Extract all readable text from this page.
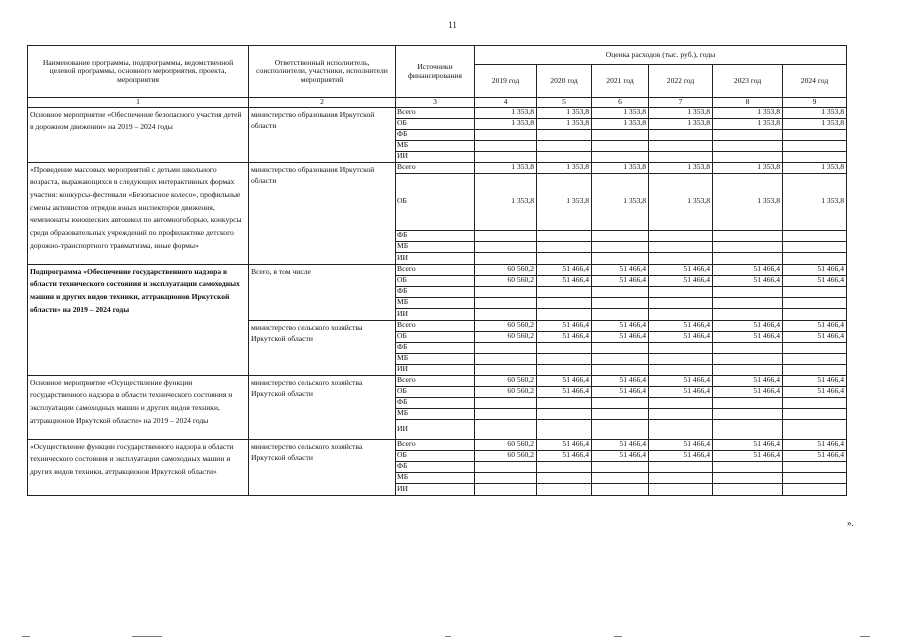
11
Наименование программы, подпрограммы, ведомственной целевой программы, основного мероприятия, проекта, мероприятия	Ответственный исполнитель, соисполнители, участники, исполнители мероприятий	Источники финансирования	Оценка расходов (тыс. руб.), годы					
			2019 год	2020 год	2021 год	2022 год	2023 год	2024 год
1	2	3	4	5	6	7	8	9
Основное мероприятие «Обеспечение безопасного участия детей в дорожном движении» на 2019 – 2024 годы	министерство образования Иркутской области	Всего	1 353,8	1 353,8	1 353,8	1 353,8	1 353,8	1 353,8
		ОБ	1 353,8	1 353,8	1 353,8	1 353,8	1 353,8	1 353,8
		ФБ						
		МБ						
		ИИ						
«Проведение массовых мероприятий с детьми школьного возраста, выражающихся в следующих интерактивных формах участия: конкурсы-фестивали «Безопасное колесо», профильные смены активистов отрядов юных инспекторов движения, чемпионаты юношеских автошкол по автомногоборью, конкурсы среди образовательных учреждений по профилактике детского дорожно-транспортного травматизма, иные формы»	министерство образования Иркутской области	Всего	1 353,8	1 353,8	1 353,8	1 353,8	1 353,8	1 353,8
		ОБ	1 353,8	1 353,8	1 353,8	1 353,8	1 353,8	1 353,8
		ФБ						
		МБ						
		ИИ						
Подпрограмма «Обеспечение государственного надзора в области технического состояния и эксплуатации самоходных машин и других видов техники, аттракционов Иркутской области» на 2019 – 2024 годы	Всего, в том числе	Всего	60 560,2	51 466,4	51 466,4	51 466,4	51 466,4	51 466,4
		ОБ	60 560,2	51 466,4	51 466,4	51 466,4	51 466,4	51 466,4
		ФБ						
		МБ						
		ИИ						
	министерство сельского хозяйства Иркутской области	Всего	60 560,2	51 466,4	51 466,4	51 466,4	51 466,4	51 466,4
		ОБ	60 560,2	51 466,4	51 466,4	51 466,4	51 466,4	51 466,4
		ФБ						
		МБ						
		ИИ						
Основное мероприятие «Осуществление функции государственного надзора в области технического состояния и эксплуатации самоходных машин и других видов техники, аттракционов Иркутской области» на 2019 – 2024 годы	министерство сельского хозяйства Иркутской области	Всего	60 560,2	51 466,4	51 466,4	51 466,4	51 466,4	51 466,4
		ОБ	60 560,2	51 466,4	51 466,4	51 466,4	51 466,4	51 466,4
		ФБ						
		МБ						
		ИИ						
«Осуществление функции государственного надзора в области технического состояния и эксплуатации самоходных машин и других видов техники, аттракционов Иркутской области»	министерство сельского хозяйства Иркутской области	Всего	60 560,2	51 466,4	51 466,4	51 466,4	51 466,4	51 466,4
		ОБ	60 560,2	51 466,4	51 466,4	51 466,4	51 466,4	51 466,4
		ФБ						
		МБ						
		ИИ						
».
